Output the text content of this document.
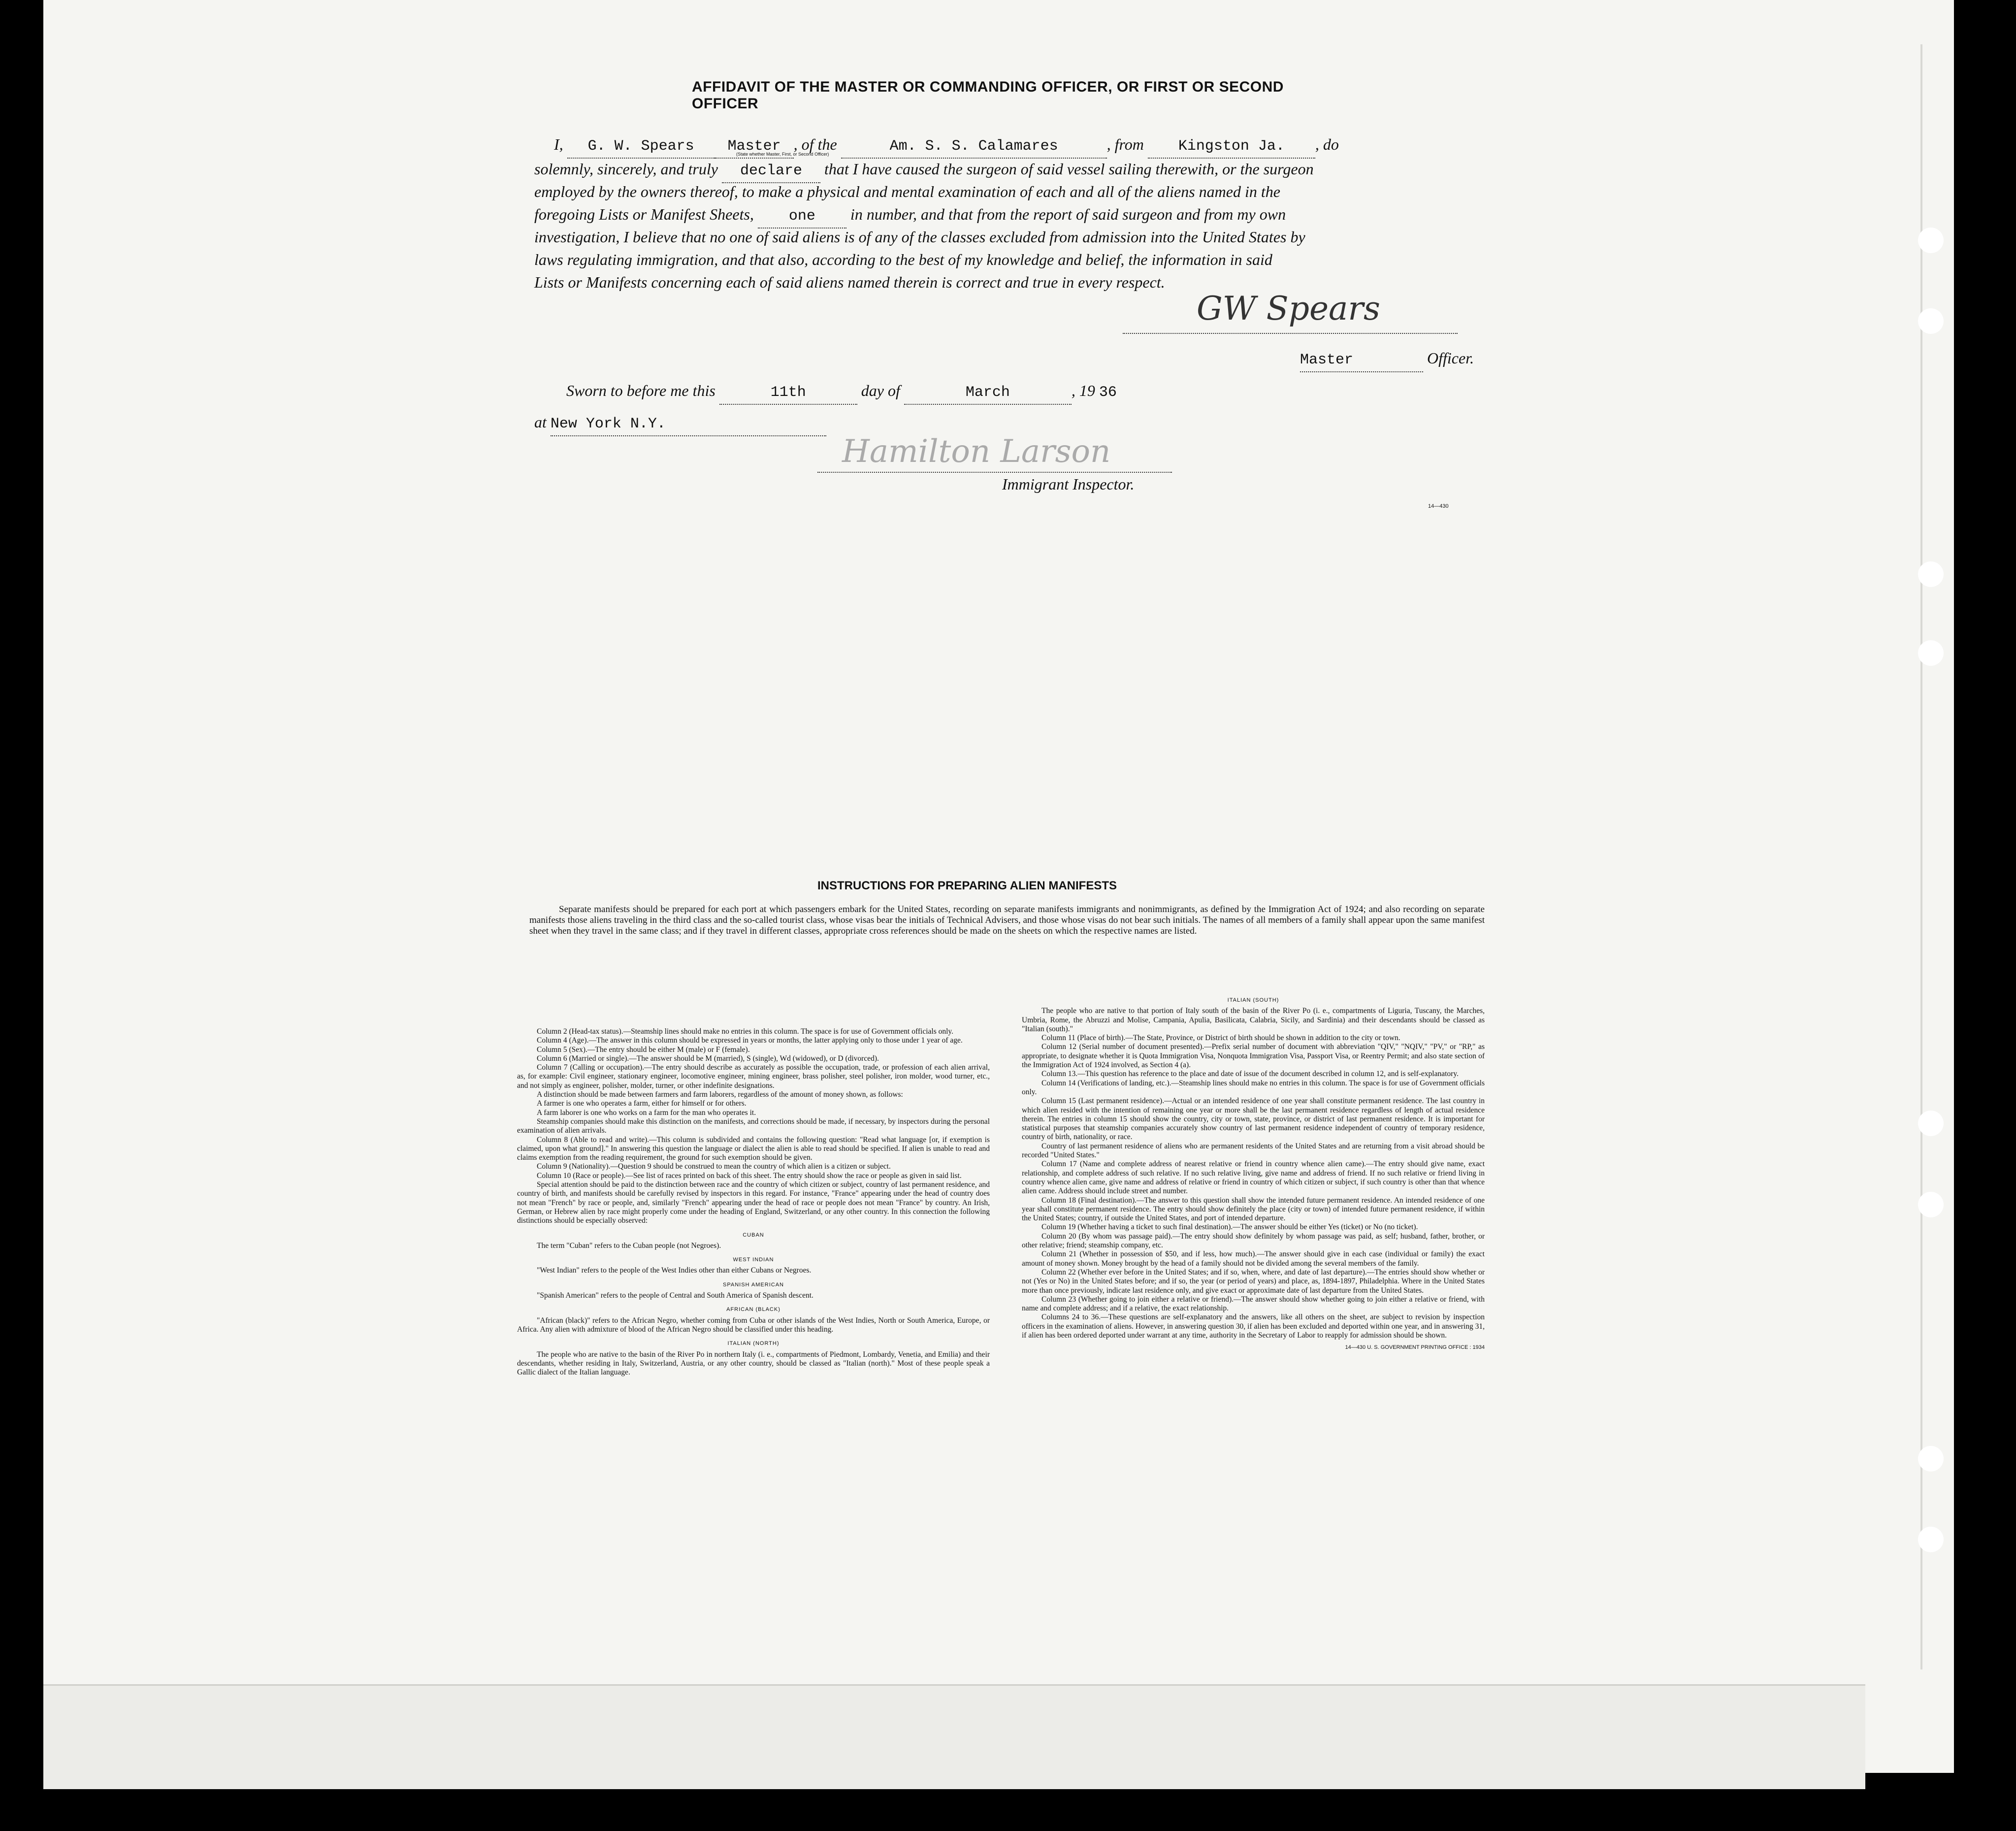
AFFIDAVIT OF THE MASTER OR COMMANDING OFFICER, OR FIRST OR SECOND OFFICER
I, G. W. Spears Master , of the	Am. S. S. Calamares	, from Kingston Ja. , do
(State whether Master, First, or Second Officer)
solemnly, sincerely, and truly declare that I have caused the surgeon of said vessel sailing therewith, or the surgeon
employed by the owners thereof, to make a physical and mental examination of each and all of the aliens named in the
foregoing Lists or Manifest Sheets, one in number, and that from the report of said surgeon and from my own
investigation, I believe that no one of said aliens is of any of the classes excluded from admission into the United States by
laws regulating immigration, and that also, according to the best of my knowledge and belief, the information in said
Lists or Manifests concerning each of said aliens named therein is correct and true in every respect.
GW Spears
Master	Officer.
Sworn to before me this	11th	day of	March	, 19 36
at New York N.Y.
Hamilton Larson
Immigrant Inspector.
14—430
INSTRUCTIONS FOR PREPARING ALIEN MANIFESTS
Separate manifests should be prepared for each port at which passengers embark for the United States, recording on separate manifests immigrants and nonimmigrants, as defined by the Immigration Act of 1924; and also recording on separate manifests those aliens traveling in the third class and the so-called tourist class, whose visas bear the initials of Technical Advisers, and those whose visas do not bear such initials. The names of all members of a family shall appear upon the same manifest sheet when they travel in the same class; and if they travel in different classes, appropriate cross references should be made on the sheets on which the respective names are listed.

Column 2 (Head-tax status).—Steamship lines should make no entries in this column. The space is for use of Government officials only.

Column 4 (Age).—The answer in this column should be expressed in years or months, the latter applying only to those under 1 year of age.

Column 5 (Sex).—The entry should be either M (male) or F (female).

Column 6 (Married or single).—The answer should be M (married), S (single), Wd (widowed), or D (divorced).

Column 7 (Calling or occupation).—The entry should describe as accurately as possible the occupation, trade, or profession of each alien arrival, as, for example: Civil engineer, stationary engineer, locomotive engineer, mining engineer, brass polisher, steel polisher, iron molder, wood turner, etc., and not simply as engineer, polisher, molder, turner, or other indefinite designations.

A distinction should be made between farmers and farm laborers, regardless of the amount of money shown, as follows:

A farmer is one who operates a farm, either for himself or for others.

A farm laborer is one who works on a farm for the man who operates it.

Steamship companies should make this distinction on the manifests, and corrections should be made, if necessary, by inspectors during the personal examination of alien arrivals.

Column 8 (Able to read and write).—This column is subdivided and contains the following question: "Read what language [or, if exemption is claimed, upon what ground]." In answering this question the language or dialect the alien is able to read should be specified. If alien is unable to read and claims exemption from the reading requirement, the ground for such exemption should be given.

Column 9 (Nationality).—Question 9 should be construed to mean the country of which alien is a citizen or subject.

Column 10 (Race or people).—See list of races printed on back of this sheet. The entry should show the race or people as given in said list.

Special attention should be paid to the distinction between race and the country of which citizen or subject, country of last permanent residence, and country of birth, and manifests should be carefully revised by inspectors in this regard. For instance, "France" appearing under the head of country does not mean "French" by race or people, and, similarly "French" appearing under the head of race or people does not mean "France" by country. An Irish, German, or Hebrew alien by race might properly come under the heading of England, Switzerland, or any other country. In this connection the following distinctions should be especially observed:

CUBAN

The term "Cuban" refers to the Cuban people (not Negroes).

WEST INDIAN

"West Indian" refers to the people of the West Indies other than either Cubans or Negroes.

SPANISH AMERICAN

"Spanish American" refers to the people of Central and South America of Spanish descent.

AFRICAN (BLACK)

"African (black)" refers to the African Negro, whether coming from Cuba or other islands of the West Indies, North or South America, Europe, or Africa. Any alien with admixture of blood of the African Negro should be classified under this heading.

ITALIAN (NORTH)

The people who are native to the basin of the River Po in northern Italy (i. e., compartments of Piedmont, Lombardy, Venetia, and Emilia) and their descendants, whether residing in Italy, Switzerland, Austria, or any other country, should be classed as "Italian (north)." Most of these people speak a Gallic dialect of the Italian language.

ITALIAN (SOUTH)

The people who are native to that portion of Italy south of the basin of the River Po (i. e., compartments of Liguria, Tuscany, the Marches, Umbria, Rome, the Abruzzi and Molise, Campania, Apulia, Basilicata, Calabria, Sicily, and Sardinia) and their descendants should be classed as "Italian (south)."

Column 11 (Place of birth).—The State, Province, or District of birth should be shown in addition to the city or town.

Column 12 (Serial number of document presented).—Prefix serial number of document with abbreviation "QIV," "NQIV," "PV," or "RP," as appropriate, to designate whether it is Quota Immigration Visa, Nonquota Immigration Visa, Passport Visa, or Reentry Permit; and also state section of the Immigration Act of 1924 involved, as Section 4 (a).

Column 13.—This question has reference to the place and date of issue of the document described in column 12, and is self-explanatory.

Column 14 (Verifications of landing, etc.).—Steamship lines should make no entries in this column. The space is for use of Government officials only.

Column 15 (Last permanent residence).—Actual or an intended residence of one year shall constitute permanent residence. The last country in which alien resided with the intention of remaining one year or more shall be the last permanent residence regardless of length of actual residence therein. The entries in column 15 should show the country, city or town, state, province, or district of last permanent residence. It is important for statistical purposes that steamship companies accurately show country of last permanent residence independent of country of temporary residence, country of birth, nationality, or race.

Country of last permanent residence of aliens who are permanent residents of the United States and are returning from a visit abroad should be recorded "United States."

Column 17 (Name and complete address of nearest relative or friend in country whence alien came).—The entry should give name, exact relationship, and complete address of such relative. If no such relative living, give name and address of friend. If no such relative or friend living in country whence alien came, give name and address of relative or friend in country of which citizen or subject, if such country is other than that whence alien came. Address should include street and number.

Column 18 (Final destination).—The answer to this question shall show the intended future permanent residence. An intended residence of one year shall constitute permanent residence. The entry should show definitely the place (city or town) of intended future permanent residence, if within the United States; country, if outside the United States, and port of intended departure.

Column 19 (Whether having a ticket to such final destination).—The answer should be either Yes (ticket) or No (no ticket).

Column 20 (By whom was passage paid).—The entry should show definitely by whom passage was paid, as self; husband, father, brother, or other relative; friend; steamship company, etc.

Column 21 (Whether in possession of $50, and if less, how much).—The answer should give in each case (individual or family) the exact amount of money shown. Money brought by the head of a family should not be divided among the several members of the family.

Column 22 (Whether ever before in the United States; and if so, when, where, and date of last departure).—The entries should show whether or not (Yes or No) in the United States before; and if so, the year (or period of years) and place, as, 1894-1897, Philadelphia. Where in the United States more than once previously, indicate last residence only, and give exact or approximate date of last departure from the United States.

Column 23 (Whether going to join either a relative or friend).—The answer should show whether going to join either a relative or friend, with name and complete address; and if a relative, the exact relationship.

Columns 24 to 36.—These questions are self-explanatory and the answers, like all others on the sheet, are subject to revision by inspection officers in the examination of aliens. However, in answering question 30, if alien has been excluded and deported within one year, and in answering 31, if alien has been ordered deported under warrant at any time, authority in the Secretary of Labor to reapply for admission should be shown.

14—430 U. S. GOVERNMENT PRINTING OFFICE : 1934
